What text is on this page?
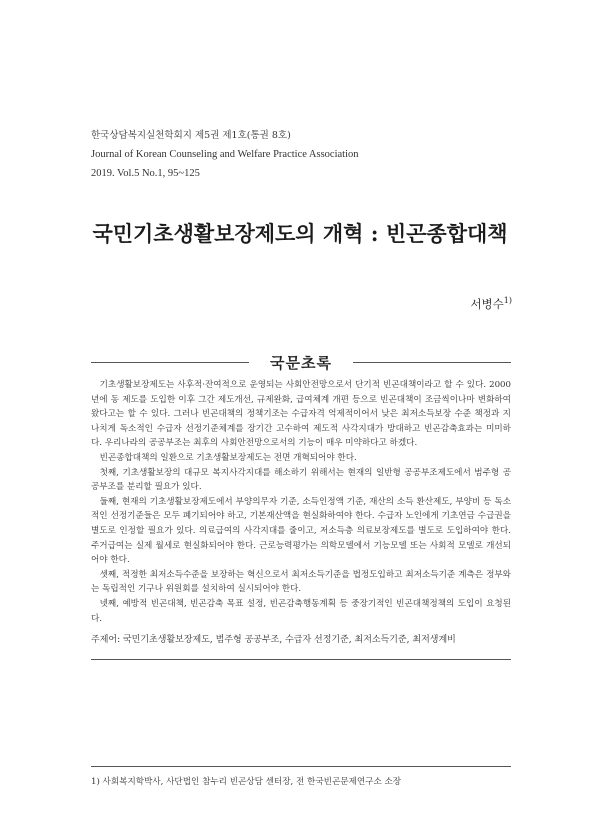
한국상담복지실천학회지 제5권 제1호(통권 8호)
Journal of Korean Counseling and Welfare Practice Association
2019. Vol.5 No.1, 95~125
국민기초생활보장제도의 개혁 : 빈곤종합대책
서병수$^{1)}$
국문초록

기초생활보장제도는 사후적·잔여적으로 운영되는 사회안전망으로서 단기적 빈곤대책이라고 할 수 있다. 2000년에 동 제도를 도입한 이후 그간 제도개선, 규제완화, 급여체계 개편 등으로 빈곤대책이 조금씩이나마 변화하여 왔다고는 할 수 있다. 그러나 빈곤대책의 정책기조는 수급자격 억제적이어서 낮은 최저소득보장 수준 책정과 지나치게 독소적인 수급자 선정기준체계를 장기간 고수하여 제도적 사각지대가 방대하고 빈곤감축효과는 미미하다. 우리나라의 공공부조는 최후의 사회안전망으로서의 기능이 매우 미약하다고 하겠다.

빈곤종합대책의 일환으로 기초생활보장제도는 전면 개혁되어야 한다.

첫째, 기초생활보장의 대규모 복지사각지대를 해소하기 위해서는 현재의 일반형 공공부조제도에서 범주형 공공부조를 분리할 필요가 있다.

둘째, 현재의 기초생활보장제도에서 부양의무자 기준, 소득인정액 기준, 재산의 소득 환산제도, 부양비 등 독소적인 선정기준들은 모두 폐기되어야 하고, 기본재산액을 현실화하여야 한다. 수급자 노인에게 기초연금 수급권을 별도로 인정할 필요가 있다. 의료급여의 사각지대를 줄이고, 저소득층 의료보장제도를 별도로 도입하여야 한다. 주거급여는 실제 월세로 현실화되어야 한다. 근로능력평가는 의학모델에서 기능모델 또는 사회적 모델로 개선되어야 한다.

셋째, 적정한 최저소득수준을 보장하는 혁신으로서 최저소득기준을 법정도입하고 최저소득기준 계측은 정부와는 독립적인 기구나 위원회를 설치하여 실시되어야 한다.

넷째, 예방적 빈곤대책, 빈곤감축 목표 설정, 빈곤감축행동계획 등 중장기적인 빈곤대책정책의 도입이 요청된다.

주제어: 국민기초생활보장제도, 범주형 공공부조, 수급자 선정기준, 최저소득기준, 최저생계비
1) 사회복지학박사, 사단법인 참누리 빈곤상담 센터장, 전 한국빈곤문제연구소 소장
